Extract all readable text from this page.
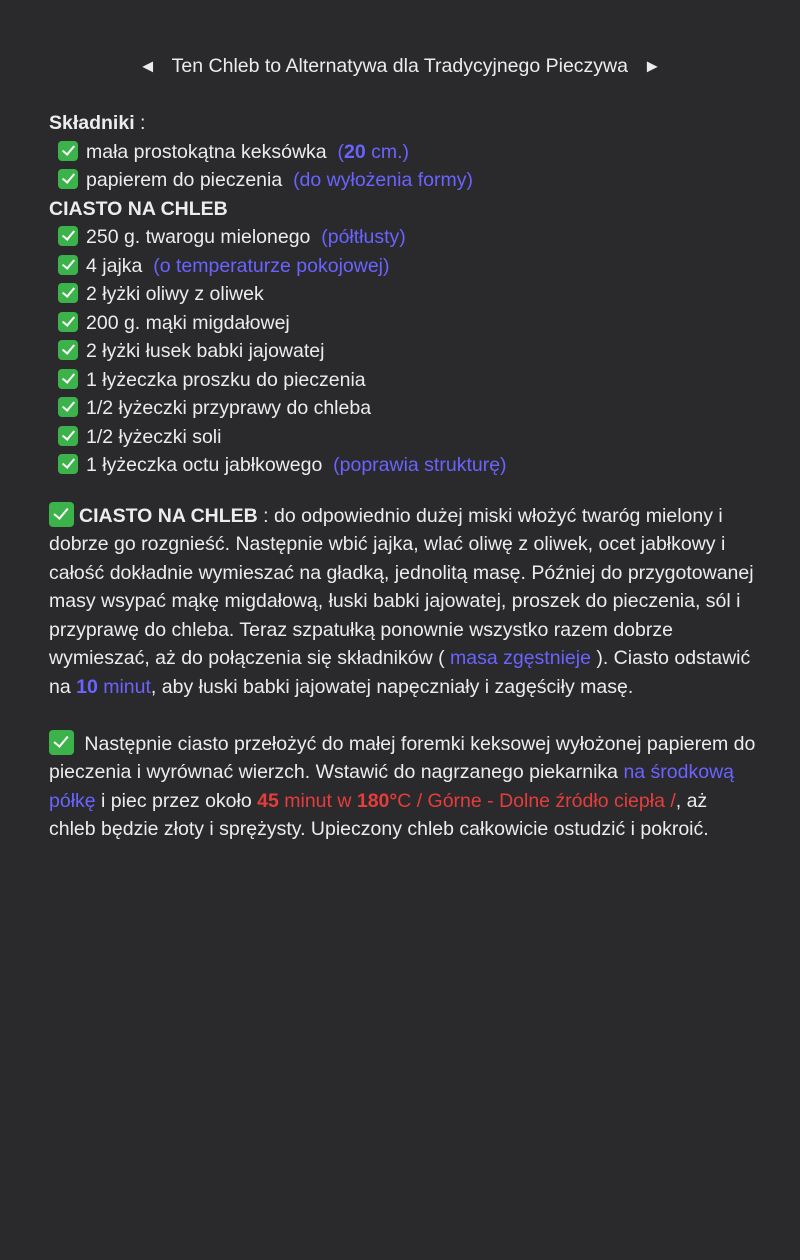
◄ Ten Chleb to Alternatywa dla Tradycyjnego Pieczywa ►
Składniki :
mała prostokątna keksówka (20 cm.)
papierem do pieczenia (do wyłożenia formy)
CIASTO NA CHLEB
250 g. twarogu mielonego (półtłusty)
4 jajka (o temperaturze pokojowej)
2 łyżki oliwy z oliwek
200 g. mąki migdałowej
2 łyżki łusek babki jajowatej
1 łyżeczka proszku do pieczenia
1/2 łyżeczki przyprawy do chleba
1/2 łyżeczki soli
1 łyżeczka octu jabłkowego (poprawia strukturę)
CIASTO NA CHLEB : do odpowiednio dużej miski włożyć twaróg mielony i dobrze go rozgnieść. Następnie wbić jajka, wlać oliwę z oliwek, ocet jabłkowy i całość dokładnie wymieszać na gładką, jednolitą masę. Później do przygotowanej masy wsypać mąkę migdałową, łuski babki jajowatej, proszek do pieczenia, sól i przyprawę do chleba. Teraz szpatułką ponownie wszystko razem dobrze wymieszać, aż do połączenia się składników ( masa zgęstnieje ). Ciasto odstawić na 10 minut, aby łuski babki jajowatej napęczniały i zagęściły masę.
Następnie ciasto przełożyć do małej foremki keksowej wyłożonej papierem do pieczenia i wyrównać wierzch. Wstawić do nagrzanego piekarnika na środkową półkę i piec przez około 45 minut w 180°C / Górne - Dolne źródło ciepła /, aż chleb będzie złoty i sprężysty. Upieczony chleb całkowicie ostudzić i pokroić.
